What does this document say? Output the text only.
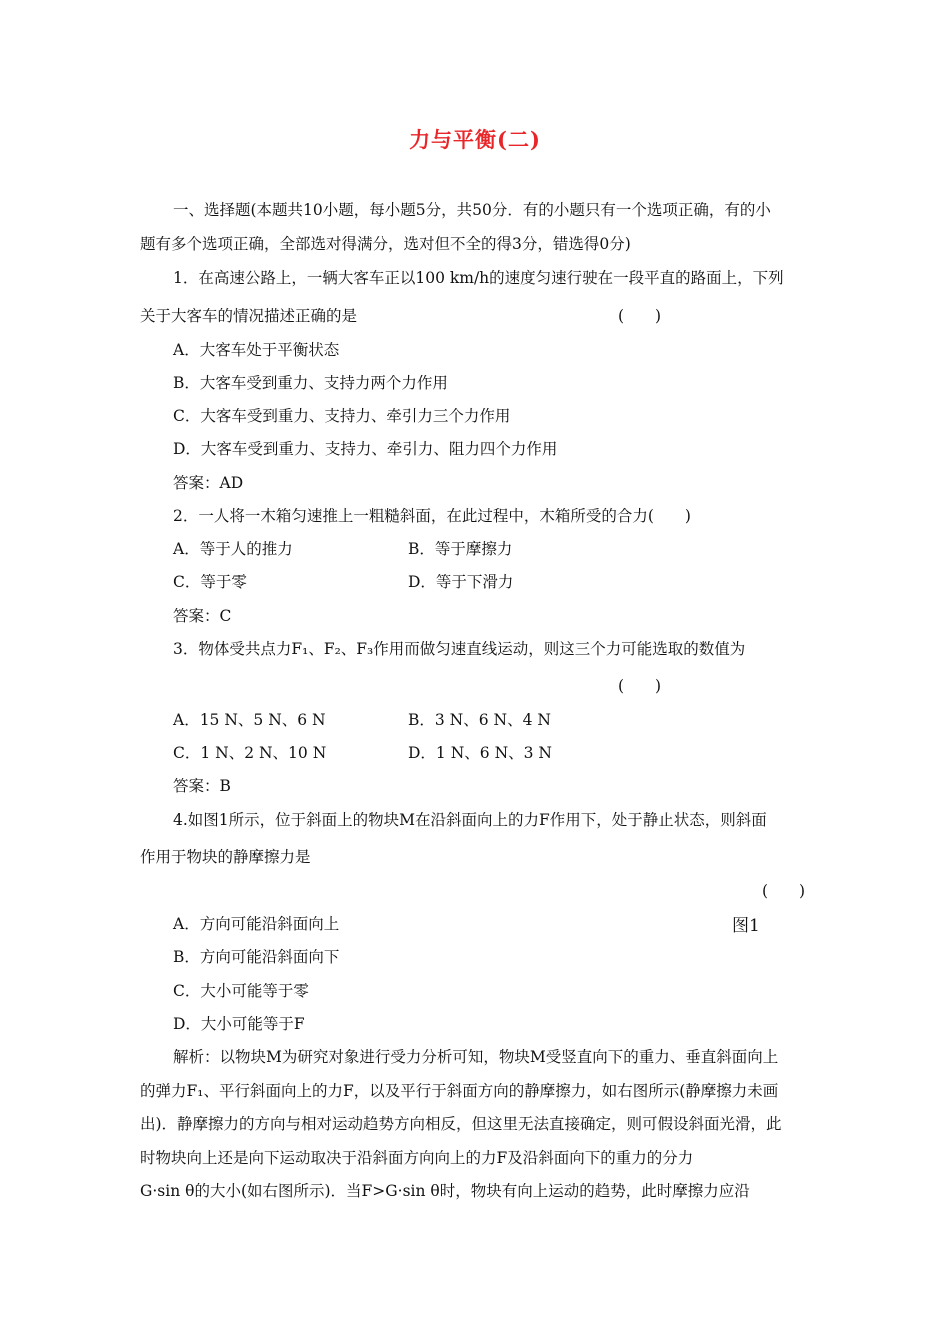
力与平衡(二)
一、选择题(本题共10小题，每小题5分，共50分．有的小题只有一个选项正确，有的小
题有多个选项正确，全部选对得满分，选对但不全的得3分，错选得0分)
1．在高速公路上，一辆大客车正以100 km/h的速度匀速行驶在一段平直的路面上，下列
关于大客车的情况描述正确的是	(　　)
A．大客车处于平衡状态
B．大客车受到重力、支持力两个力作用
C．大客车受到重力、支持力、牵引力三个力作用
D．大客车受到重力、支持力、牵引力、阻力四个力作用
答案：AD
2．一人将一木箱匀速推上一粗糙斜面，在此过程中，木箱所受的合力(　　)
A．等于人的推力	B．等于摩擦力
C．等于零	D．等于下滑力
答案：C
3．物体受共点力F₁、F₂、F₃作用而做匀速直线运动，则这三个力可能选取的数值为
(　　)
A．15 N、5 N、6 N	B．3 N、6 N、4 N
C．1 N、2 N、10 N	D．1 N、6 N、3 N
答案：B
4.如图1所示，位于斜面上的物块M在沿斜面向上的力F作用下，处于静止状态，则斜面
作用于物块的静摩擦力是
(　　)
A．方向可能沿斜面向上	图1
B．方向可能沿斜面向下
C．大小可能等于零
D．大小可能等于F
解析：以物块M为研究对象进行受力分析可知，物块M受竖直向下的重力、垂直斜面向上
的弹力F₁、平行斜面向上的力F，以及平行于斜面方向的静摩擦力，如右图所示(静摩擦力未画
出)．静摩擦力的方向与相对运动趋势方向相反，但这里无法直接确定，则可假设斜面光滑，此
时物块向上还是向下运动取决于沿斜面方向向上的力F及沿斜面向下的重力的分力
G·sin θ的大小(如右图所示)．当F>G·sin θ时，物块有向上运动的趋势，此时摩擦力应沿
